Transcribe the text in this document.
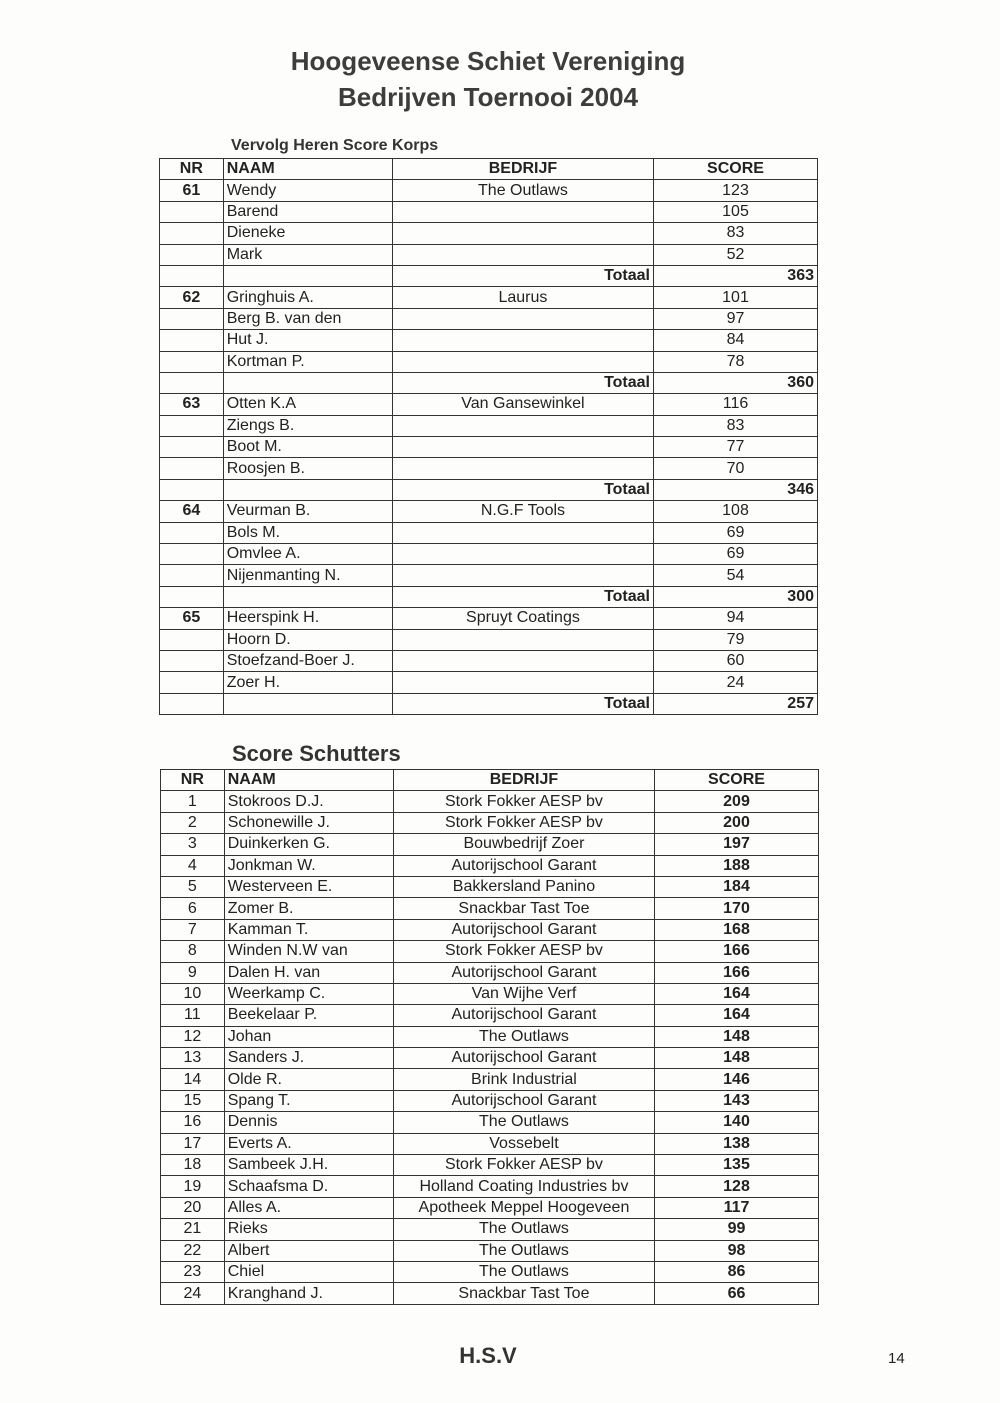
Hoogeveense Schiet Vereniging
Bedrijven Toernooi 2004
Vervolg Heren Score Korps
NR	NAAM	BEDRIJF	SCORE
61	Wendy	The Outlaws	123
	Barend		105
	Dieneke		83
	Mark		52
		Totaal	363
62	Gringhuis A.	Laurus	101
	Berg B. van den		97
	Hut J.		84
	Kortman P.		78
		Totaal	360
63	Otten K.A	Van Gansewinkel	116
	Ziengs B.		83
	Boot M.		77
	Roosjen B.		70
		Totaal	346
64	Veurman B.	N.G.F Tools	108
	Bols M.		69
	Omvlee A.		69
	Nijenmanting N.		54
		Totaal	300
65	Heerspink H.	Spruyt Coatings	94
	Hoorn D.		79
	Stoefzand-Boer J.		60
	Zoer H.		24
		Totaal	257
Score Schutters
NR	NAAM	BEDRIJF	SCORE
1	Stokroos D.J.	Stork Fokker AESP bv	209
2	Schonewille J.	Stork Fokker AESP bv	200
3	Duinkerken G.	Bouwbedrijf Zoer	197
4	Jonkman W.	Autorijschool Garant	188
5	Westerveen E.	Bakkersland Panino	184
6	Zomer B.	Snackbar Tast Toe	170
7	Kamman T.	Autorijschool Garant	168
8	Winden N.W van	Stork Fokker AESP bv	166
9	Dalen H. van	Autorijschool Garant	166
10	Weerkamp C.	Van Wijhe Verf	164
11	Beekelaar P.	Autorijschool Garant	164
12	Johan	The Outlaws	148
13	Sanders J.	Autorijschool Garant	148
14	Olde R.	Brink Industrial	146
15	Spang T.	Autorijschool Garant	143
16	Dennis	The Outlaws	140
17	Everts A.	Vossebelt	138
18	Sambeek J.H.	Stork Fokker AESP bv	135
19	Schaafsma D.	Holland Coating Industries bv	128
20	Alles A.	Apotheek Meppel Hoogeveen	117
21	Rieks	The Outlaws	99
22	Albert	The Outlaws	98
23	Chiel	The Outlaws	86
24	Kranghand J.	Snackbar Tast Toe	66
H.S.V	14
